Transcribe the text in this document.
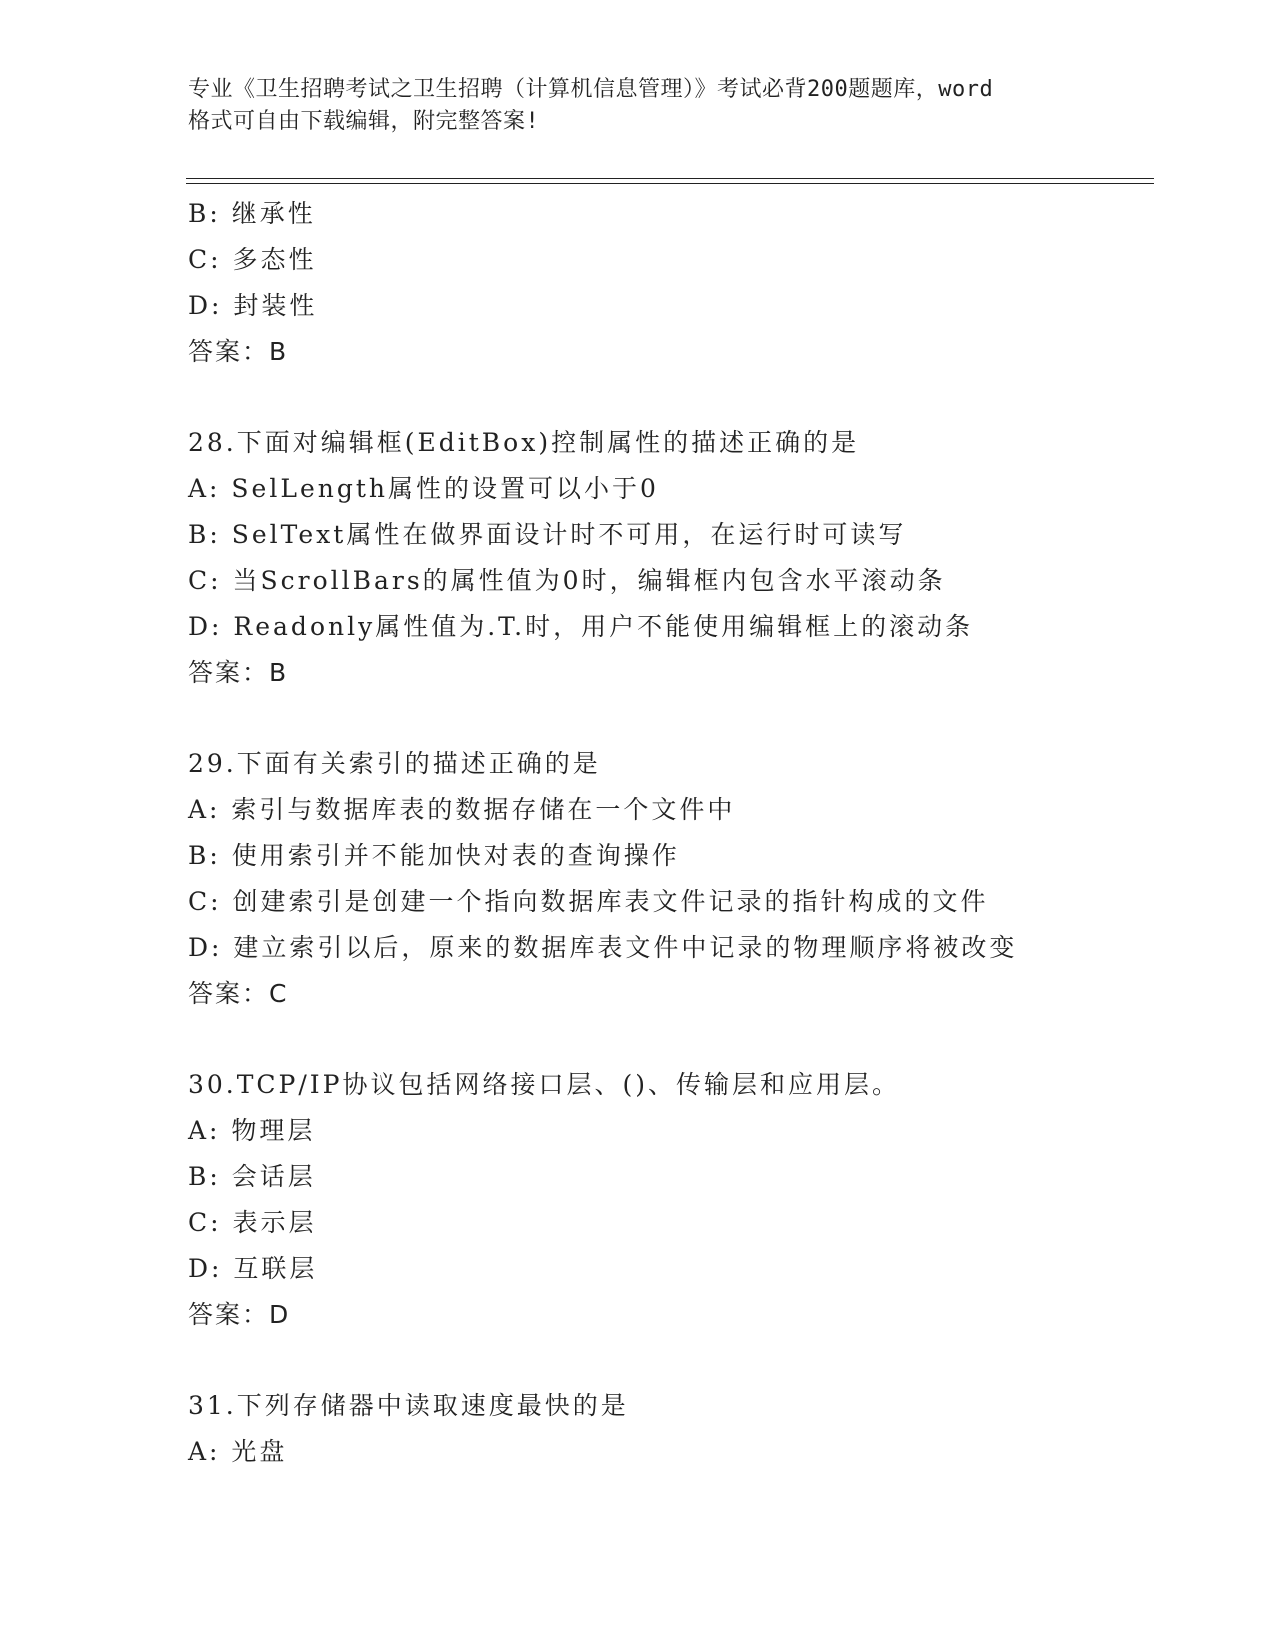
专业《卫生招聘考试之卫生招聘（计算机信息管理）》考试必背200题题库，word
格式可自由下载编辑，附完整答案!
B: 继承性
C: 多态性
D: 封装性
答案：B
28.下面对编辑框(EditBox)控制属性的描述正确的是
A: SelLength属性的设置可以小于0
B: SelText属性在做界面设计时不可用，在运行时可读写
C: 当ScrollBars的属性值为0时，编辑框内包含水平滚动条
D: Readonly属性值为.T.时，用户不能使用编辑框上的滚动条
答案：B
29.下面有关索引的描述正确的是
A: 索引与数据库表的数据存储在一个文件中
B: 使用索引并不能加快对表的查询操作
C: 创建索引是创建一个指向数据库表文件记录的指针构成的文件
D: 建立索引以后，原来的数据库表文件中记录的物理顺序将被改变
答案：C
30.TCP/IP协议包括网络接口层、()、传输层和应用层。
A: 物理层
B: 会话层
C: 表示层
D: 互联层
答案：D
31.下列存储器中读取速度最快的是
A: 光盘
